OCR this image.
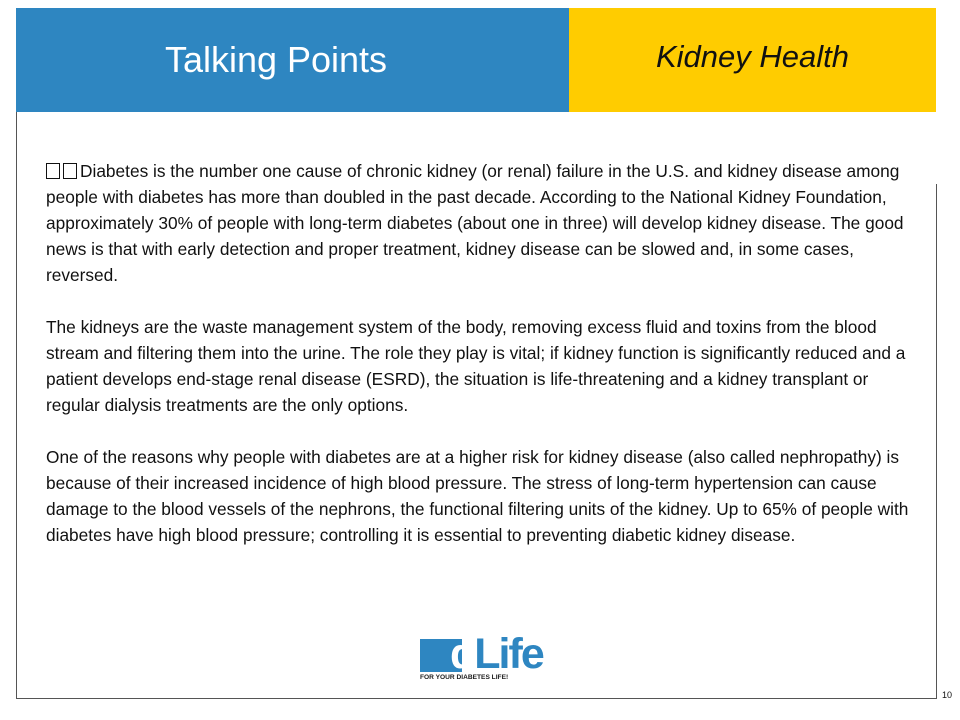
Talking Points	Kidney Health

Diabetes is the number one cause of chronic kidney (or renal) failure in the U.S. and kidney disease among people with diabetes has more than doubled in the past decade. According to the National Kidney Foundation, approximately 30% of people with long-term diabetes (about one in three) will develop kidney disease. The good news is that with early detection and proper treatment, kidney disease can be slowed and, in some cases, reversed.

The kidneys are the waste management system of the body, removing excess fluid and toxins from the blood stream and filtering them into the urine. The role they play is vital; if kidney function is significantly reduced and a patient develops end-stage renal disease (ESRD), the situation is life-threatening and a kidney transplant or regular dialysis treatments are the only options.

One of the reasons why people with diabetes are at a higher risk for kidney disease (also called nephropathy) is because of their increased incidence of high blood pressure. The stress of long-term hypertension can cause damage to the blood vessels of the nephrons, the functional filtering units of the kidney. Up to 65% of people with diabetes have high blood pressure; controlling it is essential to preventing diabetic kidney disease.

dLife
FOR YOUR DIABETES LIFE!
10
